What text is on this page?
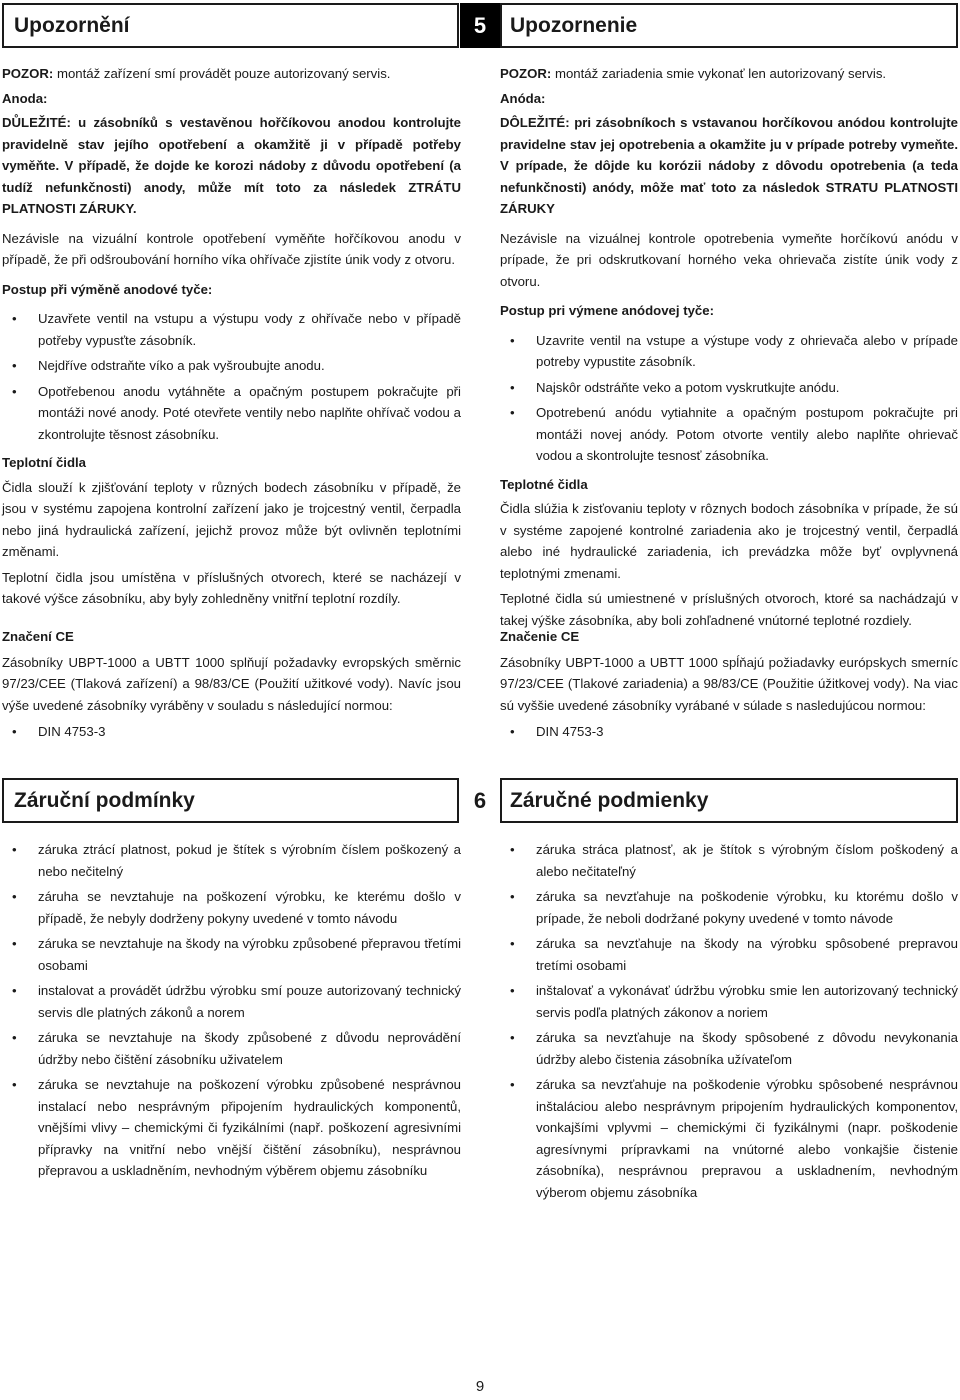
Upozornění	5 Upozornenie

POZOR: montáž zařízení smí provádět pouze autorizovaný servis.

Anoda:

DŮLEŽITÉ: u zásobníků s vestavěnou hořčíkovou anodou kontrolujte pravidelně stav jejího opotřebení a okamžitě ji v případě potřeby vyměňte. V případě, že dojde ke korozi nádoby z důvodu opotřebení (a tudíž nefunkčnosti) anody, může mít toto za následek ZTRÁTU PLATNOSTI ZÁRUKY.

Nezávisle na vizuální kontrole opotřebení vyměňte hořčíkovou anodu v případě, že při odšroubování horního víka ohřívače zjistíte únik vody z otvoru.

Postup při výměně anodové tyče:

• Uzavřete ventil na vstupu a výstupu vody z ohřívače nebo v případě potřeby vypusťte zásobník.
• Nejdříve odstraňte víko a pak vyšroubujte anodu.
• Opotřebenou anodu vytáhněte a opačným postupem pokračujte při montáži nové anody. Poté otevřete ventily nebo naplňte ohřívač vodou a zkontrolujte těsnost zásobníku.

Teplotní čidla

Čidla slouží k zjišťování teploty v různých bodech zásobníku v případě, že jsou v systému zapojena kontrolní zařízení jako je trojcestný ventil, čerpadla nebo jiná hydraulická zařízení, jejichž provoz může být ovlivněn teplotními změnami.

Teplotní čidla jsou umístěna v příslušných otvorech, které se nacházejí v takové výšce zásobníku, aby byly zohledněny vnitřní teplotní rozdíly.

POZOR: montáž zariadenia smie vykonať len autorizovaný servis.

Anóda:

DÔLEŽITÉ: pri zásobníkoch s vstavanou horčíkovou anódou kontrolujte pravidelne stav jej opotrebenia a okamžite ju v prípade potreby vymeňte. V prípade, že dôjde ku korózii nádoby z dôvodu opotrebenia (a teda nefunkčnosti) anódy, môže mať toto za následok STRATU PLATNOSTI ZÁRUKY

Nezávisle na vizuálnej kontrole opotrebenia vymeňte horčíkovú anódu v prípade, že pri odskrutkovaní horného veka ohrievača zistíte únik vody z otvoru.

Postup pri výmene anódovej tyče:

• Uzavrite ventil na vstupe a výstupe vody z ohrievača alebo v prípade potreby vypustite zásobník.
• Najskôr odstráňte veko a potom vyskrutkujte anódu.
• Opotrebenú anódu vytiahnite a opačným postupom pokračujte pri montáži novej anódy. Potom otvorte ventily alebo naplňte ohrievač vodou a skontrolujte tesnosť zásobníka.

Teplotné čidla

Čidla slúžia k zisťovaniu teploty v rôznych bodoch zásobníka v prípade, že sú v systéme zapojené kontrolné zariadenia ako je trojcestný ventil, čerpadlá alebo iné hydraulické zariadenia, ich prevádzka môže byť ovplyvnená teplotnými zmenami.

Teplotné čidla sú umiestnené v príslušných otvoroch, ktoré sa nachádzajú v takej výške zásobníka, aby boli zohľadnené vnútorné teplotné rozdiely.

Značení CE

Zásobníky UBPT-1000 a UBTT 1000 splňují požadavky evropských směrnic 97/23/CEE (Tlaková zařízení) a 98/83/CE (Použití užitkové vody). Navíc jsou výše uvedené zásobníky vyráběny v souladu s následující normou:

• DIN 4753-3

Značenie CE

Zásobníky UBPT-1000 a UBTT 1000 spĺňajú požiadavky európskych smerníc 97/23/CEE (Tlakové zariadenia) a 98/83/CE (Použitie úžitkovej vody). Na viac sú vyššie uvedené zásobníky vyrábané v súlade s nasledujúcou normou:

• DIN 4753-3
Záruční podmínky	6 Záručné podmienky
• záruka ztrácí platnost, pokud je štítek s výrobním číslem poškozený a nebo nečitelný
• záruha se nevztahuje na poškození výrobku, ke kterému došlo v případě, že nebyly dodrženy pokyny uvedené v tomto návodu
• záruka se nevztahuje na škody na výrobku způsobené přepravou třetími osobami
• instalovat a provádět údržbu výrobku smí pouze autorizovaný technický servis dle platných zákonů a norem
• záruka se nevztahuje na škody způsobené z důvodu neprovádění údržby nebo čištění zásobníku uživatelem
• záruka se nevztahuje na poškození výrobku způsobené nesprávnou instalací nebo nesprávným připojením hydraulických komponentů, vnějšími vlivy – chemickými či fyzikálními (např. poškození agresivními přípravky na vnitřní nebo vnější čištění zásobníku), nesprávnou přepravou a uskladněním, nevhodným výběrem objemu zásobníku
• záruka stráca platnosť, ak je štítok s výrobným číslom poškodený a alebo nečitateľný
• záruka sa nevzťahuje na poškodenie výrobku, ku ktorému došlo v prípade, že neboli dodržané pokyny uvedené v tomto návode
• záruka sa nevzťahuje na škody na výrobku spôsobené prepravou tretími osobami
• inštalovať a vykonávať údržbu výrobku smie len autorizovaný technický servis podľa platných zákonov a noriem
• záruka sa nevzťahuje na škody spôsobené z dôvodu nevykonania údržby alebo čistenia zásobníka užívateľom
• záruka sa nevzťahuje na poškodenie výrobku spôsobené nesprávnou inštaláciou alebo nesprávnym pripojením hydraulických komponentov, vonkajšími vplyvmi – chemickými či fyzikálnymi (napr. poškodenie agresívnymi prípravkami na vnútorné alebo vonkajšie čistenie zásobníka), nesprávnou prepravou a uskladnením, nevhodným výberom objemu zásobníka
9
